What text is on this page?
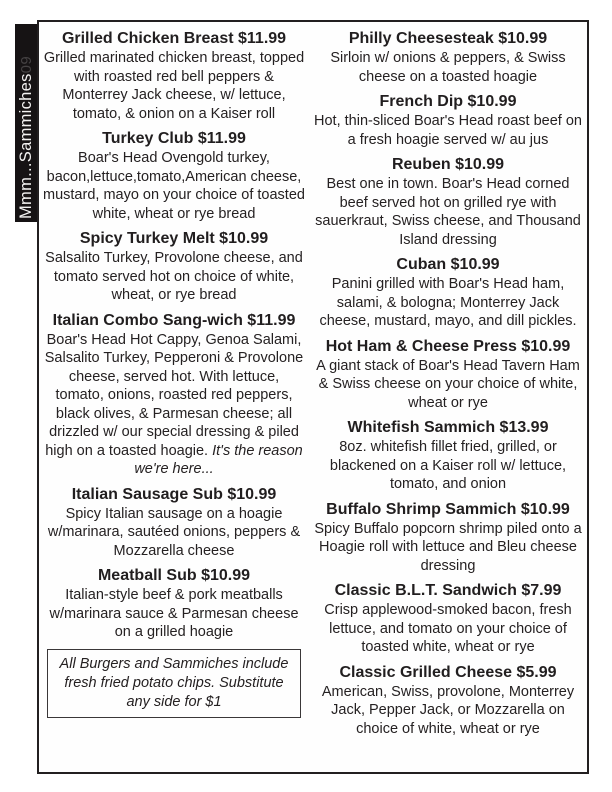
Mmm...Sammiches09
Grilled Chicken Breast $11.99

Grilled marinated chicken breast, topped with roasted red bell peppers & Monterrey Jack cheese, w/ lettuce, tomato, & onion on a Kaiser roll

Turkey Club $11.99

Boar's Head Ovengold turkey, bacon,lettuce,tomato,American cheese, mustard, mayo on your choice of toasted white, wheat or rye bread

Spicy Turkey Melt $10.99

Salsalito Turkey, Provolone cheese, and tomato served hot on choice of white, wheat, or rye bread

Italian Combo Sang-wich $11.99

Boar's Head Hot Cappy, Genoa Salami, Salsalito Turkey, Pepperoni & Provolone cheese, served hot. With lettuce, tomato, onions, roasted red peppers, black olives, & Parmesan cheese; all drizzled w/ our special dressing & piled high on a toasted hoagie. It's the reason we're here...

Italian Sausage Sub $10.99

Spicy Italian sausage on a hoagie w/marinara, sautéed onions, peppers & Mozzarella cheese

Meatball Sub $10.99

Italian-style beef & pork meatballs w/marinara sauce & Parmesan cheese on a grilled hoagie

All Burgers and Sammiches include fresh fried potato chips. Substitute any side for $1
Philly Cheesesteak $10.99

Sirloin w/ onions & peppers, & Swiss cheese on a toasted hoagie

French Dip $10.99

Hot, thin-sliced Boar's Head roast beef on a fresh hoagie served w/ au jus

Reuben $10.99

Best one in town. Boar's Head corned beef served hot on grilled rye with sauerkraut, Swiss cheese, and Thousand Island dressing

Cuban $10.99

Panini grilled with Boar's Head ham, salami, & bologna; Monterrey Jack cheese, mustard, mayo, and dill pickles.

Hot Ham & Cheese Press $10.99

A giant stack of Boar's Head Tavern Ham & Swiss cheese on your choice of white, wheat or rye

Whitefish Sammich $13.99

8oz. whitefish fillet fried, grilled, or blackened on a Kaiser roll w/ lettuce, tomato, and onion

Buffalo Shrimp Sammich $10.99

Spicy Buffalo popcorn shrimp piled onto a Hoagie roll with lettuce and Bleu cheese dressing

Classic B.L.T. Sandwich $7.99

Crisp applewood-smoked bacon, fresh lettuce, and tomato on your choice of toasted white, wheat or rye

Classic Grilled Cheese $5.99

American, Swiss, provolone, Monterrey Jack, Pepper Jack, or Mozzarella on choice of white, wheat or rye
